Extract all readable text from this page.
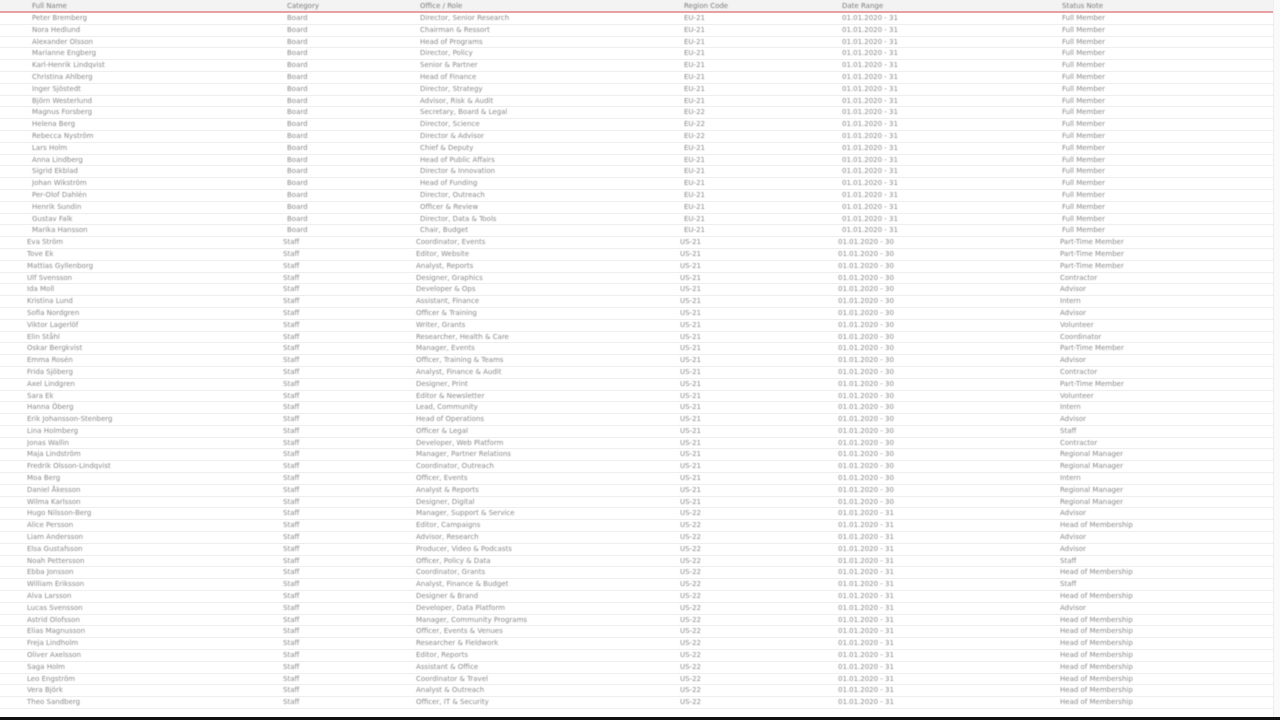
Full Name	Category	Office / Role	Region Code	Date Range	Status Note
Peter Bremberg	Board	Director, Senior Research	EU-21	01.01.2020 - 31	Full Member
Nora Hedlund	Board	Chairman & Ressort	EU-21	01.01.2020 - 31	Full Member
Alexander Olsson	Board	Head of Programs	EU-21	01.01.2020 - 31	Full Member
Marianne Engberg	Board	Director, Policy	EU-21	01.01.2020 - 31	Full Member
Karl-Henrik Lindqvist	Board	Senior & Partner	EU-21	01.01.2020 - 31	Full Member
Christina Ahlberg	Board	Head of Finance	EU-21	01.01.2020 - 31	Full Member
Inger Sjöstedt	Board	Director, Strategy	EU-21	01.01.2020 - 31	Full Member
Björn Westerlund	Board	Advisor, Risk & Audit	EU-21	01.01.2020 - 31	Full Member
Magnus Forsberg	Board	Secretary, Board & Legal	EU-22	01.01.2020 - 31	Full Member
Helena Berg	Board	Director, Science	EU-22	01.01.2020 - 31	Full Member
Rebecca Nyström	Board	Director & Advisor	EU-22	01.01.2020 - 31	Full Member
Lars Holm	Board	Chief & Deputy	EU-21	01.01.2020 - 31	Full Member
Anna Lindberg	Board	Head of Public Affairs	EU-21	01.01.2020 - 31	Full Member
Sigrid Ekblad	Board	Director & Innovation	EU-21	01.01.2020 - 31	Full Member
Johan Wikström	Board	Head of Funding	EU-21	01.01.2020 - 31	Full Member
Per-Olof Dahlén	Board	Director, Outreach	EU-21	01.01.2020 - 31	Full Member
Henrik Sundin	Board	Officer & Review	EU-21	01.01.2020 - 31	Full Member
Gustav Falk	Board	Director, Data & Tools	EU-21	01.01.2020 - 31	Full Member
Marika Hansson	Board	Chair, Budget	EU-21	01.01.2020 - 31	Full Member
Eva Ström	Staff	Coordinator, Events	US-21	01.01.2020 - 30	Part-Time Member
Tove Ek	Staff	Editor, Website	US-21	01.01.2020 - 30	Part-Time Member
Mattias Gyllenborg	Staff	Analyst, Reports	US-21	01.01.2020 - 30	Part-Time Member
Ulf Svensson	Staff	Designer, Graphics	US-21	01.01.2020 - 30	Contractor
Ida Moll	Staff	Developer & Ops	US-21	01.01.2020 - 30	Advisor
Kristina Lund	Staff	Assistant, Finance	US-21	01.01.2020 - 30	Intern
Sofia Nordgren	Staff	Officer & Training	US-21	01.01.2020 - 30	Advisor
Viktor Lagerlöf	Staff	Writer, Grants	US-21	01.01.2020 - 30	Volunteer
Elin Ståhl	Staff	Researcher, Health & Care	US-21	01.01.2020 - 30	Coordinator
Oskar Bergkvist	Staff	Manager, Events	US-21	01.01.2020 - 30	Part-Time Member
Emma Rosén	Staff	Officer, Training & Teams	US-21	01.01.2020 - 30	Advisor
Frida Sjöberg	Staff	Analyst, Finance & Audit	US-21	01.01.2020 - 30	Contractor
Axel Lindgren	Staff	Designer, Print	US-21	01.01.2020 - 30	Part-Time Member
Sara Ek	Staff	Editor & Newsletter	US-21	01.01.2020 - 30	Volunteer
Hanna Öberg	Staff	Lead, Community	US-21	01.01.2020 - 30	Intern
Erik Johansson-Stenberg	Staff	Head of Operations	US-21	01.01.2020 - 30	Advisor
Lina Holmberg	Staff	Officer & Legal	US-21	01.01.2020 - 30	Staff
Jonas Wallin	Staff	Developer, Web Platform	US-21	01.01.2020 - 30	Contractor
Maja Lindström	Staff	Manager, Partner Relations	US-21	01.01.2020 - 30	Regional Manager
Fredrik Olsson-Lindqvist	Staff	Coordinator, Outreach	US-21	01.01.2020 - 30	Regional Manager
Moa Berg	Staff	Officer, Events	US-21	01.01.2020 - 30	Intern
Daniel Åkesson	Staff	Analyst & Reports	US-21	01.01.2020 - 30	Regional Manager
Wilma Karlsson	Staff	Designer, Digital	US-21	01.01.2020 - 30	Regional Manager
Hugo Nilsson-Berg	Staff	Manager, Support & Service	US-22	01.01.2020 - 31	Advisor
Alice Persson	Staff	Editor, Campaigns	US-22	01.01.2020 - 31	Head of Membership
Liam Andersson	Staff	Advisor, Research	US-22	01.01.2020 - 31	Advisor
Elsa Gustafsson	Staff	Producer, Video & Podcasts	US-22	01.01.2020 - 31	Advisor
Noah Pettersson	Staff	Officer, Policy & Data	US-22	01.01.2020 - 31	Staff
Ebba Jonsson	Staff	Coordinator, Grants	US-22	01.01.2020 - 31	Head of Membership
William Eriksson	Staff	Analyst, Finance & Budget	US-22	01.01.2020 - 31	Staff
Alva Larsson	Staff	Designer & Brand	US-22	01.01.2020 - 31	Head of Membership
Lucas Svensson	Staff	Developer, Data Platform	US-22	01.01.2020 - 31	Advisor
Astrid Olofsson	Staff	Manager, Community Programs	US-22	01.01.2020 - 31	Head of Membership
Elias Magnusson	Staff	Officer, Events & Venues	US-22	01.01.2020 - 31	Head of Membership
Freja Lindholm	Staff	Researcher & Fieldwork	US-22	01.01.2020 - 31	Head of Membership
Oliver Axelsson	Staff	Editor, Reports	US-22	01.01.2020 - 31	Head of Membership
Saga Holm	Staff	Assistant & Office	US-22	01.01.2020 - 31	Head of Membership
Leo Engström	Staff	Coordinator & Travel	US-22	01.01.2020 - 31	Head of Membership
Vera Björk	Staff	Analyst & Outreach	US-22	01.01.2020 - 31	Head of Membership
Theo Sandberg	Staff	Officer, IT & Security	US-22	01.01.2020 - 31	Head of Membership
